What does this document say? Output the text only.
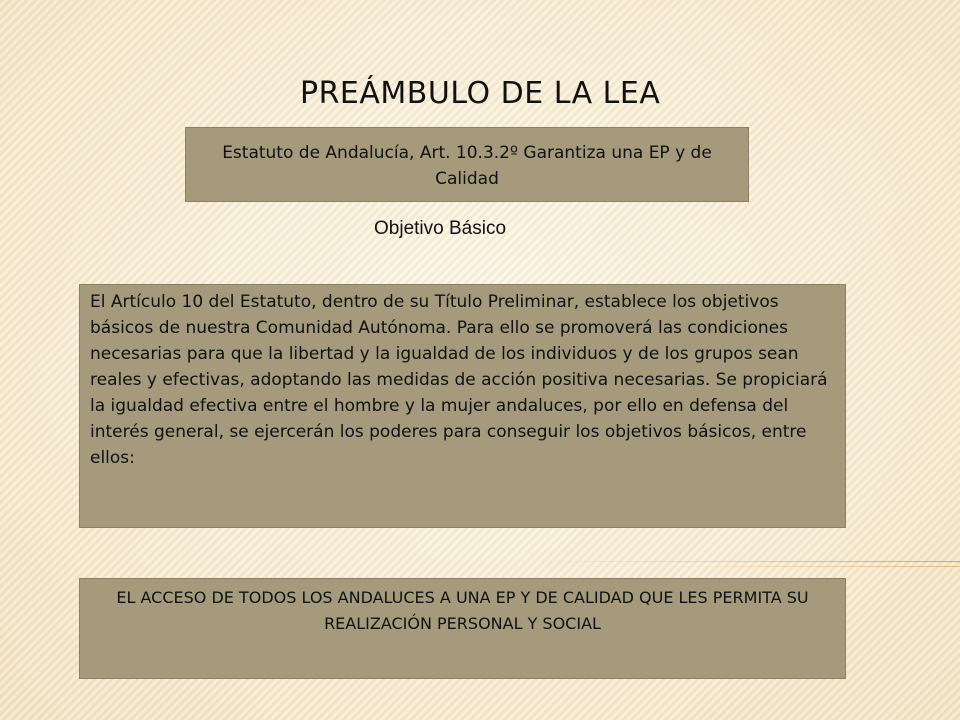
PREÁMBULO DE LA LEA
Estatuto de Andalucía, Art. 10.3.2º Garantiza una EP y de Calidad
Objetivo Básico
El Artículo 10 del Estatuto, dentro de su Título Preliminar, establece los objetivos básicos de nuestra Comunidad Autónoma. Para ello se promoverá las condiciones necesarias para que la libertad y la igualdad de los individuos y de los grupos sean reales y efectivas, adoptando las medidas de acción positiva necesarias. Se propiciará la igualdad efectiva entre el hombre y la mujer andaluces, por ello en defensa del interés general, se ejercerán los poderes para conseguir los objetivos básicos, entre ellos:
EL ACCESO DE TODOS LOS ANDALUCES A UNA EP Y DE CALIDAD QUE LES PERMITA SU REALIZACIÓN PERSONAL Y SOCIAL
